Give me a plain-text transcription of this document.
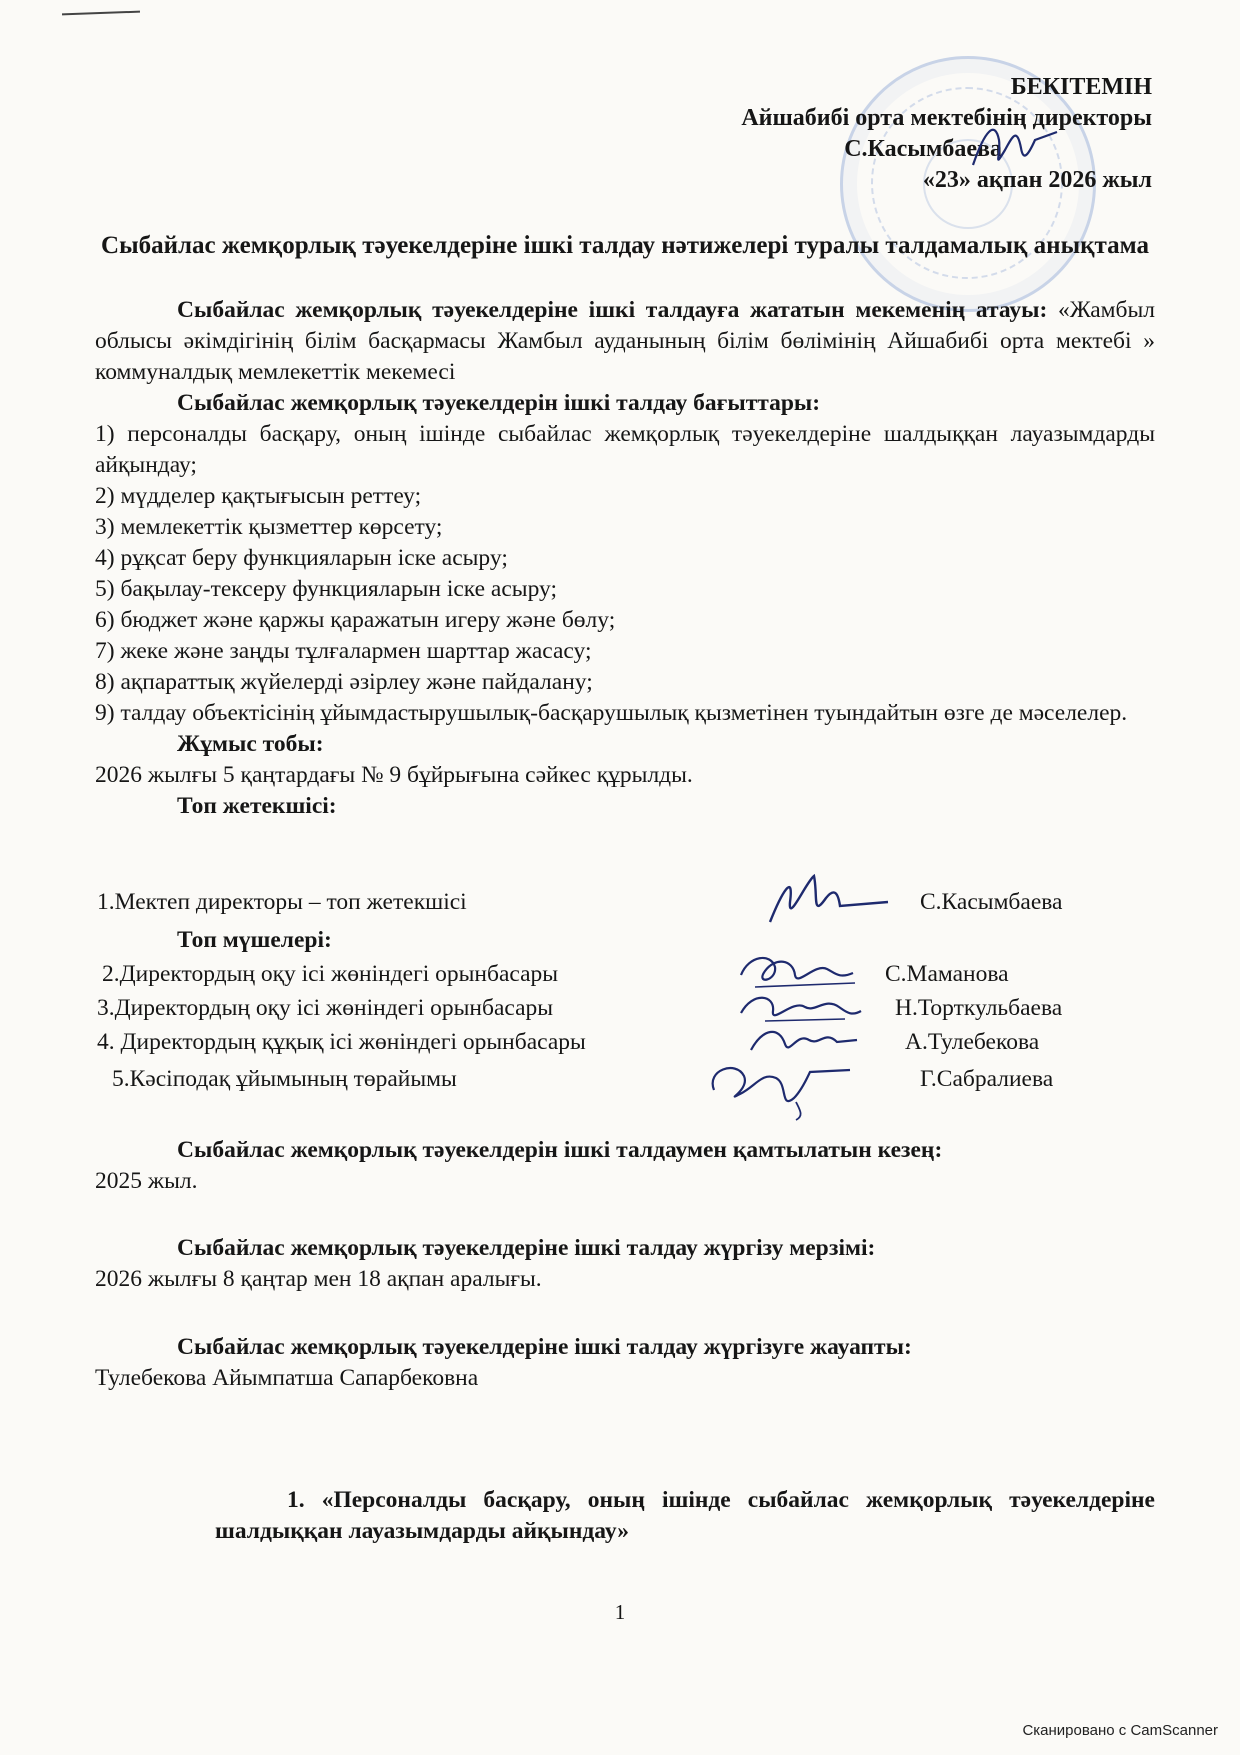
БЕКІТЕМІН
Айшабибі орта мектебінің директоры
С.Касымбаева
«23» ақпан 2026 жыл
Сыбайлас жемқорлық тәуекелдеріне ішкі талдау нәтижелері туралы талдамалық анықтама
Сыбайлас жемқорлық тәуекелдеріне ішкі талдауға жататын мекеменің атауы: «Жамбыл облысы әкімдігінің білім басқармасы Жамбыл ауданының білім бөлімінің Айшабибі орта мектебі » коммуналдық мемлекеттік мекемесі

Сыбайлас жемқорлық тәуекелдерін ішкі талдау бағыттары:

1) персоналды басқару, оның ішінде сыбайлас жемқорлық тәуекелдеріне шалдыққан лауазымдарды айқындау;

2) мүдделер қақтығысын реттеу;

3) мемлекеттік қызметтер көрсету;

4) рұқсат беру функцияларын іске асыру;

5) бақылау-тексеру функцияларын іске асыру;

6) бюджет және қаржы қаражатын игеру және бөлу;

7) жеке және заңды тұлғалармен шарттар жасасу;

8) ақпараттық жүйелерді әзірлеу және пайдалану;

9) талдау объектісінің ұйымдастырушылық-басқарушылық қызметінен туындайтын өзге де мәселелер.

Жұмыс тобы:

2026 жылғы 5 қаңтардағы № 9 бұйрығына сәйкес құрылды.

Топ жетекшісі:

1.Мектеп директоры – топ жетекшісі	С.Касымбаева

Топ мүшелері:

2.Директордың оқу ісі жөніндегі орынбасары	С.Маманова
3.Директордың оқу ісі жөніндегі орынбасары	Н.Торткульбаева
4. Директордың құқық ісі жөніндегі орынбасары	А.Тулебекова
5.Кәсіподақ ұйымының төрайымы	Г.Сабралиева

Сыбайлас жемқорлық тәуекелдерін ішкі талдаумен қамтылатын кезең:

2025 жыл.

Сыбайлас жемқорлық тәуекелдеріне ішкі талдау жүргізу мерзімі:

2026 жылғы 8 қаңтар мен 18 ақпан аралығы.

Сыбайлас жемқорлық тәуекелдеріне ішкі талдау жүргізуге жауапты:

Тулебекова Айымпатша Сапарбековна

1. «Персоналды басқару, оның ішінде сыбайлас жемқорлық тәуекелдеріне шалдыққан лауазымдарды айқындау»
1
Сканировано с CamScanner
